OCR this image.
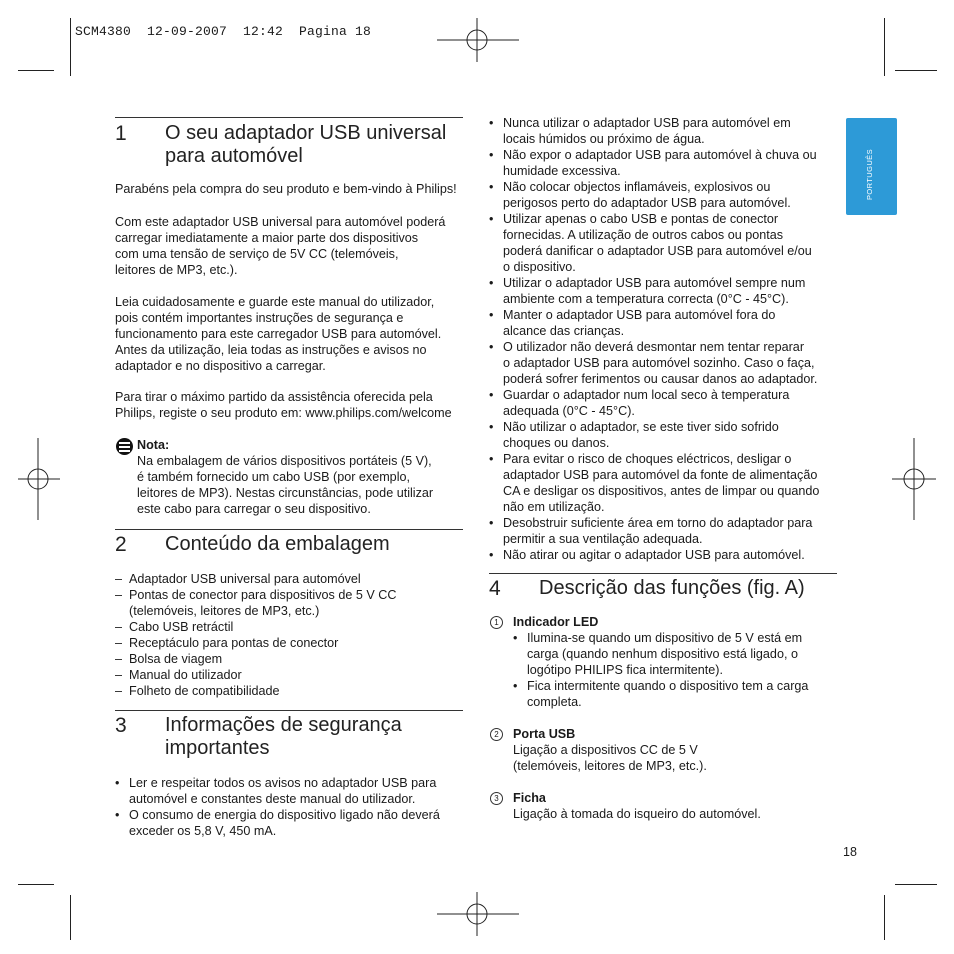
SCM4380  12-09-2007  12:42  Pagina 18
PORTUGUÊS
1 O seu adaptador USB universal
para automóvel
Parabéns pela compra do seu produto e bem-vindo à Philips!
Com este adaptador USB universal para automóvel poderá
carregar imediatamente a maior parte dos dispositivos
com uma tensão de serviço de 5V CC (telemóveis,
leitores de MP3, etc.).
Leia cuidadosamente e guarde este manual do utilizador,
pois contém importantes instruções de segurança e
funcionamento para este carregador USB para automóvel.
Antes da utilização, leia todas as instruções e avisos no
adaptador e no dispositivo a carregar.
Para tirar o máximo partido da assistência oferecida pela
Philips, registe o seu produto em: www.philips.com/welcome
Nota:
Na embalagem de vários dispositivos portáteis (5 V),
é também fornecido um cabo USB (por exemplo,
leitores de MP3). Nestas circunstâncias, pode utilizar
este cabo para carregar o seu dispositivo.
2 Conteúdo da embalagem
– Adaptador USB universal para automóvel
– Pontas de conector para dispositivos de 5 V CC
(telemóveis, leitores de MP3, etc.)
– Cabo USB retráctil
– Receptáculo para pontas de conector
– Bolsa de viagem
– Manual do utilizador
– Folheto de compatibilidade
3 Informações de segurança
importantes
• Ler e respeitar todos os avisos no adaptador USB para
automóvel e constantes deste manual do utilizador.
• O consumo de energia do dispositivo ligado não deverá
exceder os 5,8 V, 450 mA.
• Nunca utilizar o adaptador USB para automóvel em
locais húmidos ou próximo de água.
• Não expor o adaptador USB para automóvel à chuva ou
humidade excessiva.
• Não colocar objectos inflamáveis, explosivos ou
perigosos perto do adaptador USB para automóvel.
• Utilizar apenas o cabo USB e pontas de conector
fornecidas. A utilização de outros cabos ou pontas
poderá danificar o adaptador USB para automóvel e/ou
o dispositivo.
• Utilizar o adaptador USB para automóvel sempre num
ambiente com a temperatura correcta (0°C - 45°C).
• Manter o adaptador USB para automóvel fora do
alcance das crianças.
• O utilizador não deverá desmontar nem tentar reparar
o adaptador USB para automóvel sozinho. Caso o faça,
poderá sofrer ferimentos ou causar danos ao adaptador.
• Guardar o adaptador num local seco à temperatura
adequada (0°C - 45°C).
• Não utilizar o adaptador, se este tiver sido sofrido
choques ou danos.
• Para evitar o risco de choques eléctricos, desligar o
adaptador USB para automóvel da fonte de alimentação
CA e desligar os dispositivos, antes de limpar ou quando
não em utilização.
• Desobstruir suficiente área em torno do adaptador para
permitir a sua ventilação adequada.
• Não atirar ou agitar o adaptador USB para automóvel.
4 Descrição das funções (fig. A)
1	Indicador LED
• Ilumina-se quando um dispositivo de 5 V está em
carga (quando nenhum dispositivo está ligado, o
logótipo PHILIPS fica intermitente).
• Fica intermitente quando o dispositivo tem a carga
completa.
2	Porta USB
Ligação a dispositivos CC de 5 V
(telemóveis, leitores de MP3, etc.).
3	Ficha
Ligação à tomada do isqueiro do automóvel.
18
